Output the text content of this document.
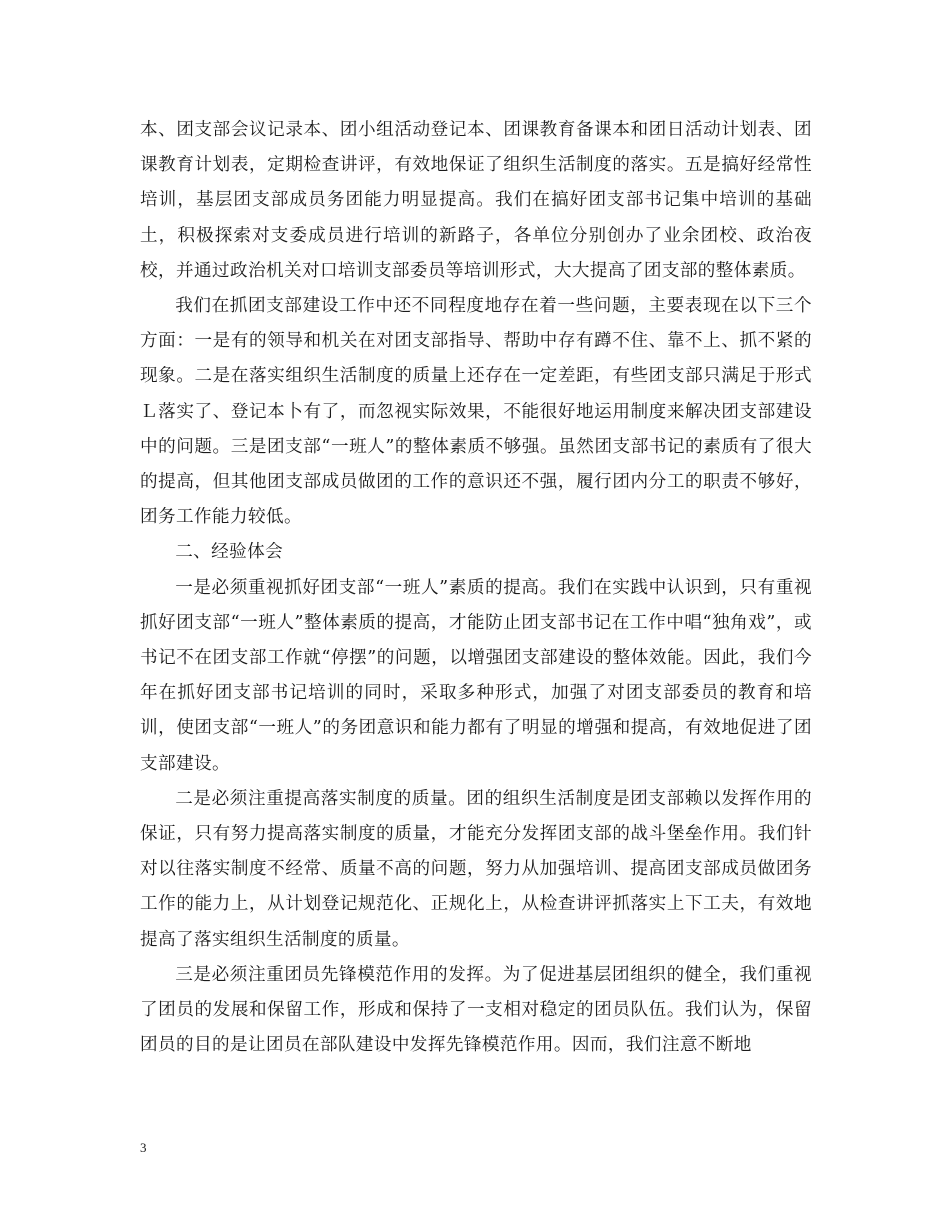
本、团支部会议记录本、团小组活动登记本、团课教育备课本和团日活动计划表、团课教育计划表，定期检查讲评，有效地保证了组织生活制度的落实。五是搞好经常性培训，基层团支部成员务团能力明显提高。我们在搞好团支部书记集中培训的基础土，积极探索对支委成员进行培训的新路子，各单位分别创办了业余团校、政治夜校，并通过政治机关对口培训支部委员等培训形式，大大提高了团支部的整体素质。

我们在抓团支部建设工作中还不同程度地存在着一些问题，主要表现在以下三个方面：一是有的领导和机关在对团支部指导、帮助中存有蹲不住、靠不上、抓不紧的现象。二是在落实组织生活制度的质量上还存在一定差距，有些团支部只满足于形式Ｌ落实了、登记本卜有了，而忽视实际效果，不能很好地运用制度来解决团支部建设中的问题。三是团支部“一班人”的整体素质不够强。虽然团支部书记的素质有了很大的提高，但其他团支部成员做团的工作的意识还不强，履行团内分工的职责不够好，团务工作能力较低。

二、经验体会

一是必须重视抓好团支部“一班人”素质的提高。我们在实践中认识到，只有重视抓好团支部“一班人”整体素质的提高，才能防止团支部书记在工作中唱“独角戏”，或书记不在团支部工作就“停摆”的问题，以增强团支部建设的整体效能。因此，我们今年在抓好团支部书记培训的同时，采取多种形式，加强了对团支部委员的教育和培训，使团支部“一班人”的务团意识和能力都有了明显的增强和提高，有效地促进了团支部建设。

二是必须注重提高落实制度的质量。团的组织生活制度是团支部赖以发挥作用的保证，只有努力提高落实制度的质量，才能充分发挥团支部的战斗堡垒作用。我们针对以往落实制度不经常、质量不高的问题，努力从加强培训、提高团支部成员做团务工作的能力上，从计划登记规范化、正规化上，从检查讲评抓落实上下工夫，有效地提高了落实组织生活制度的质量。

三是必须注重团员先锋模范作用的发挥。为了促进基层团组织的健全，我们重视了团员的发展和保留工作，形成和保持了一支相对稳定的团员队伍。我们认为，保留团员的目的是让团员在部队建设中发挥先锋模范作用。因而，我们注意不断地

3
